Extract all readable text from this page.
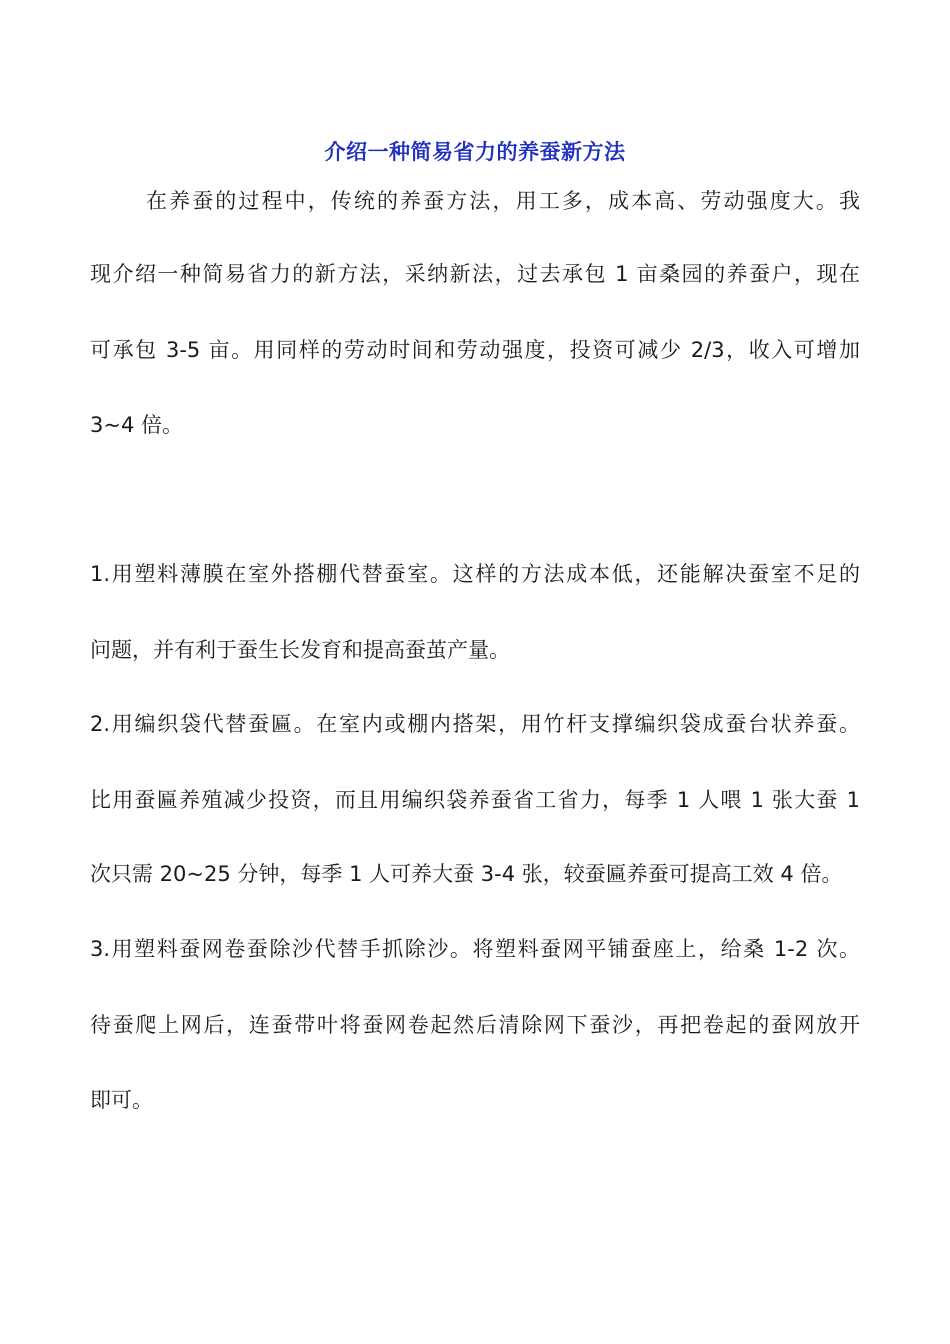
介绍一种简易省力的养蚕新方法
在养蚕的过程中，传统的养蚕方法，用工多，成本高、劳动强度大。我
现介绍一种简易省力的新方法，采纳新法，过去承包 1 亩桑园的养蚕户，现在
可承包 3-5 亩。用同样的劳动时间和劳动强度，投资可减少 2/3，收入可增加
3~4 倍。
1.用塑料薄膜在室外搭棚代替蚕室。这样的方法成本低，还能解决蚕室不足的
问题，并有利于蚕生长发育和提高蚕茧产量。
2.用编织袋代替蚕匾。在室内或棚内搭架，用竹杆支撑编织袋成蚕台状养蚕。
比用蚕匾养殖减少投资，而且用编织袋养蚕省工省力，每季 1 人喂 1 张大蚕 1
次只需 20~25 分钟，每季 1 人可养大蚕 3-4 张，较蚕匾养蚕可提高工效 4 倍。
3.用塑料蚕网卷蚕除沙代替手抓除沙。将塑料蚕网平铺蚕座上，给桑 1-2 次。
待蚕爬上网后，连蚕带叶将蚕网卷起然后清除网下蚕沙，再把卷起的蚕网放开
即可。
